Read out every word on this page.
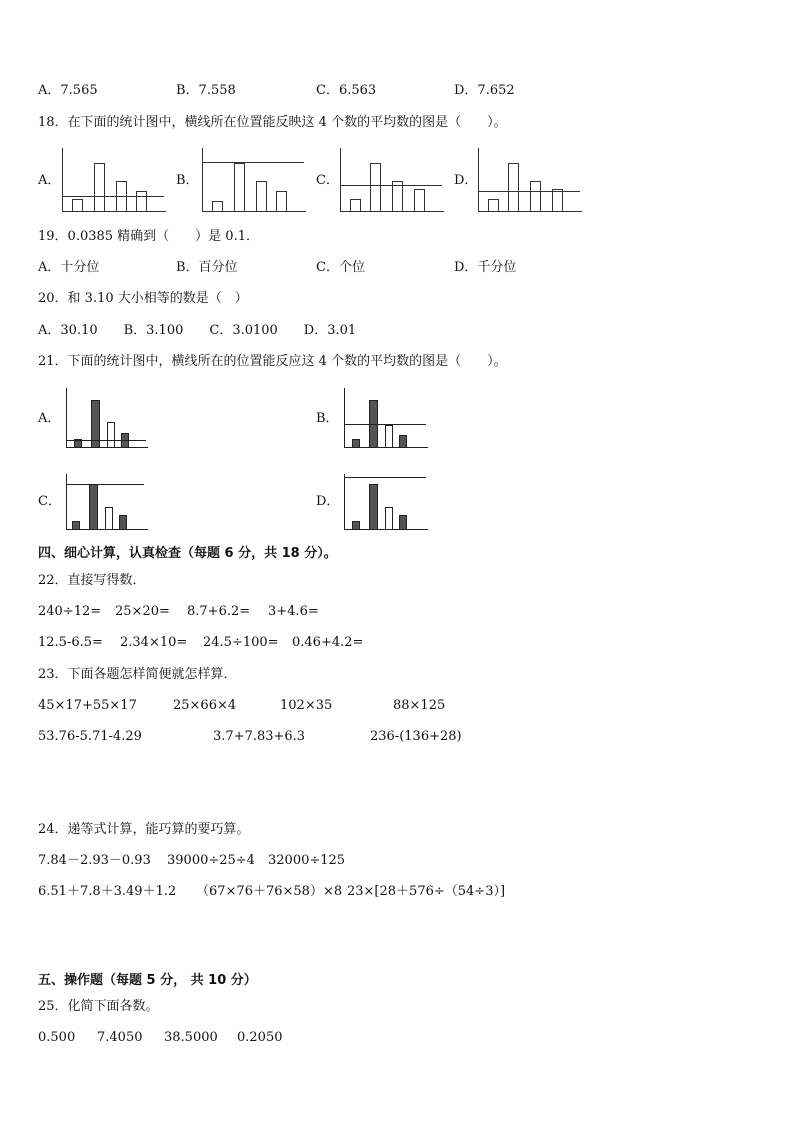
A．7.565	B．7.558	C．6.563	D．7.652
18．在下面的统计图中，横线所在位置能反映这 4 个数的平均数的图是（　　）。
A．	B．	C．	D．
19．0.0385 精确到（　　）是 0.1．
A．十分位	B．百分位	C．个位	D．千分位
20．和 3.10 大小相等的数是（　）
A．30.10　　B．3.100　　C．3.0100　　D．3.01
21．下面的统计图中，横线所在的位置能反应这 4 个数的平均数的图是（　　）。
A．	B．
C．	D．
四、细心计算，认真检查（每题 6 分，共 18 分）。
22．直接写得数．
240÷12= 25×20= 8.7+6.2= 3+4.6=
12.5-6.5= 2.34×10= 24.5÷100= 0.46+4.2=
23．下面各题怎样简便就怎样算．
45×17+55×17	25×66×4	102×35	88×125
53.76-5.71-4.29	3.7+7.83+6.3	236-(136+28)
24．递等式计算，能巧算的要巧算。
7.84－2.93－0.93 39000÷25÷4 32000÷125
6.51＋7.8＋3.49＋1.2 （67×76＋76×58）×8 23×[28＋576÷（54÷3）]
五、操作题（每题 5 分， 共 10 分）
25．化简下面各数。
0.500 7.4050 38.5000 0.2050
